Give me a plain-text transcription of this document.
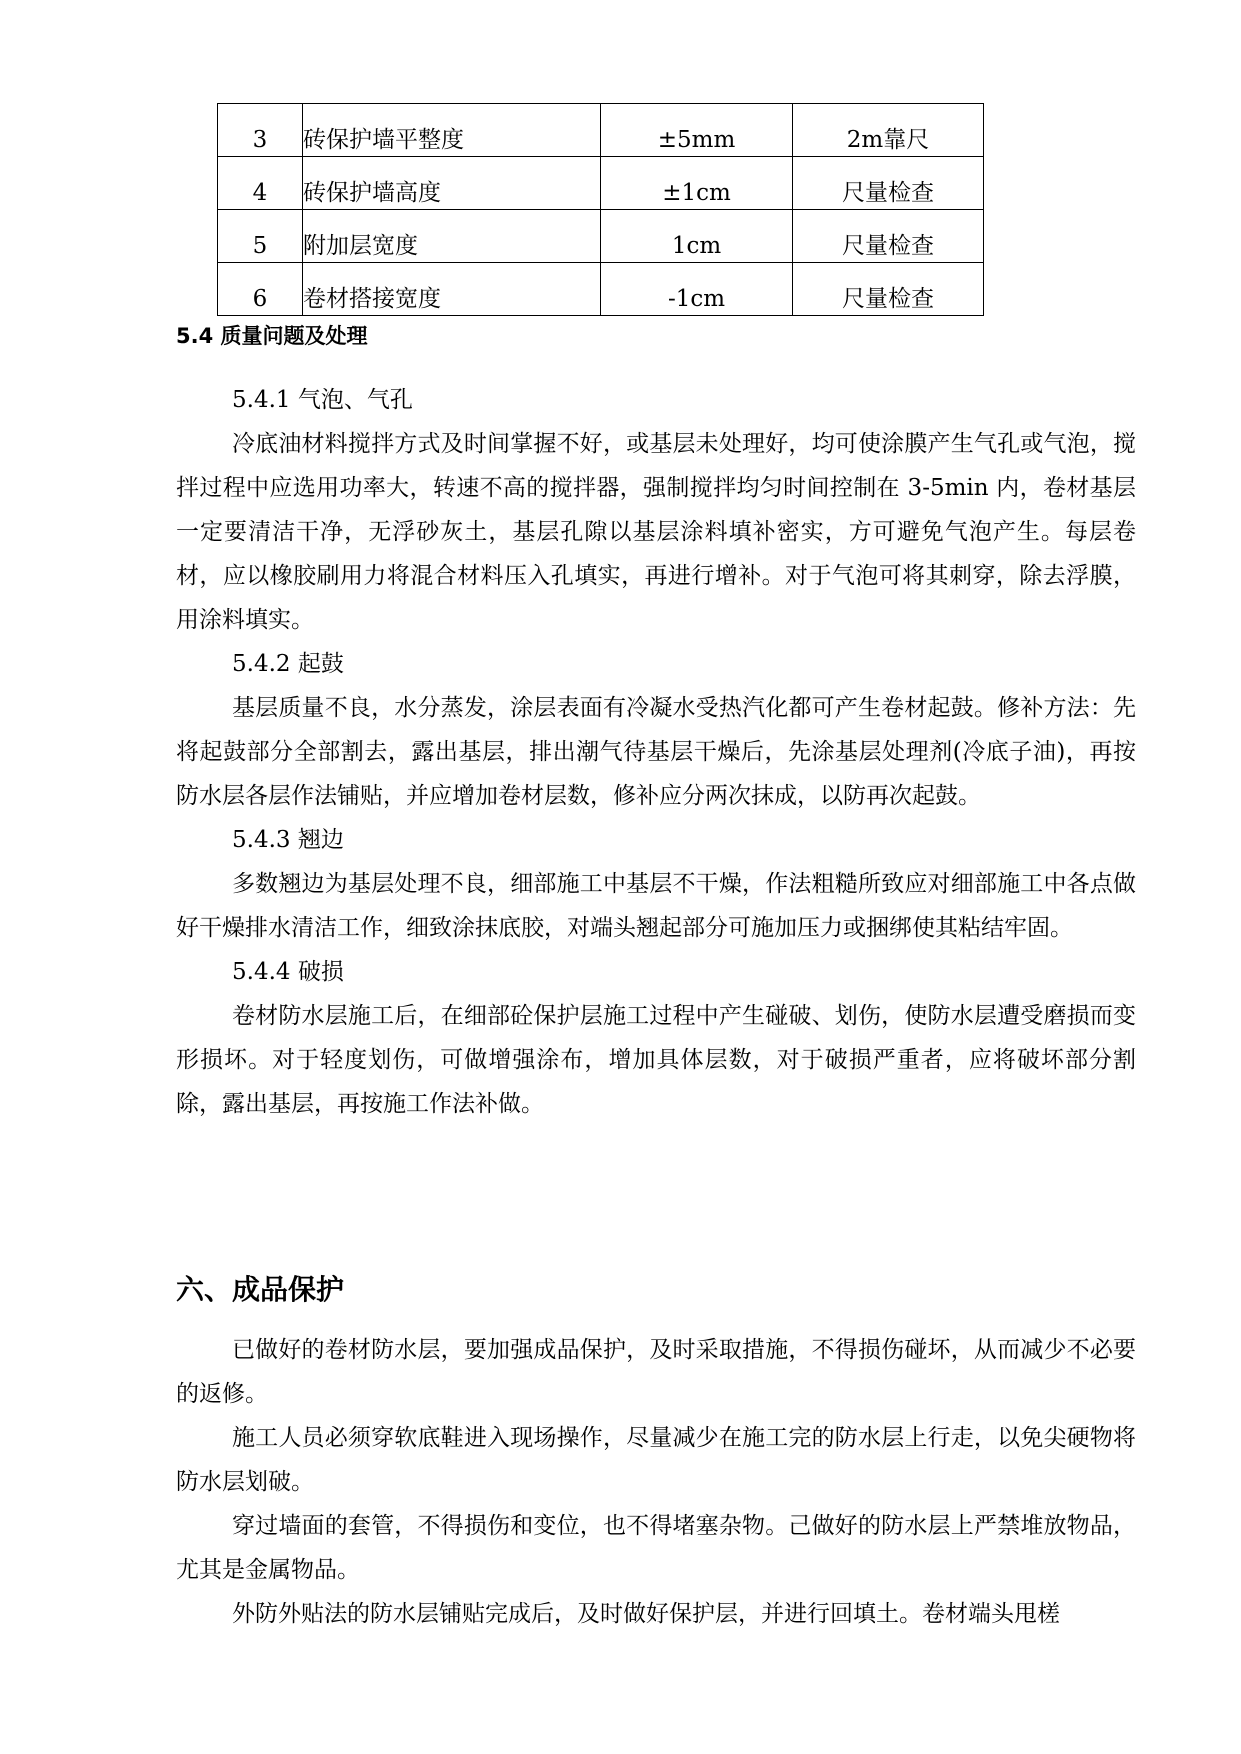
3	砖保护墙平整度	±5mm	2m靠尺
4	砖保护墙高度	±1cm	尺量检查
5	附加层宽度	1cm	尺量检查
6	卷材搭接宽度	-1cm	尺量检查
5.4 质量问题及处理

5.4.1 气泡、气孔

冷底油材料搅拌方式及时间掌握不好，或基层未处理好，均可使涂膜产生气孔或气泡，搅拌过程中应选用功率大，转速不高的搅拌器，强制搅拌均匀时间控制在 3-5min 内，卷材基层一定要清洁干净，无浮砂灰土，基层孔隙以基层涂料填补密实，方可避免气泡产生。每层卷材，应以橡胶刷用力将混合材料压入孔填实，再进行增补。对于气泡可将其刺穿，除去浮膜，用涂料填实。

5.4.2 起鼓

基层质量不良，水分蒸发，涂层表面有冷凝水受热汽化都可产生卷材起鼓。修补方法：先将起鼓部分全部割去，露出基层，排出潮气待基层干燥后，先涂基层处理剂(冷底子油)，再按防水层各层作法铺贴，并应增加卷材层数，修补应分两次抹成，以防再次起鼓。

5.4.3 翘边

多数翘边为基层处理不良，细部施工中基层不干燥，作法粗糙所致应对细部施工中各点做好干燥排水清洁工作，细致涂抹底胶，对端头翘起部分可施加压力或捆绑使其粘结牢固。

5.4.4 破损

卷材防水层施工后，在细部砼保护层施工过程中产生碰破、划伤，使防水层遭受磨损而变形损坏。对于轻度划伤，可做增强涂布，增加具体层数，对于破损严重者，应将破坏部分割除，露出基层，再按施工作法补做。

六、成品保护

已做好的卷材防水层，要加强成品保护，及时采取措施，不得损伤碰坏，从而减少不必要的返修。

施工人员必须穿软底鞋进入现场操作，尽量减少在施工完的防水层上行走，以免尖硬物将防水层划破。

穿过墙面的套管，不得损伤和变位，也不得堵塞杂物。己做好的防水层上严禁堆放物品，尤其是金属物品。

外防外贴法的防水层铺贴完成后，及时做好保护层，并进行回填土。卷材端头甩槎
